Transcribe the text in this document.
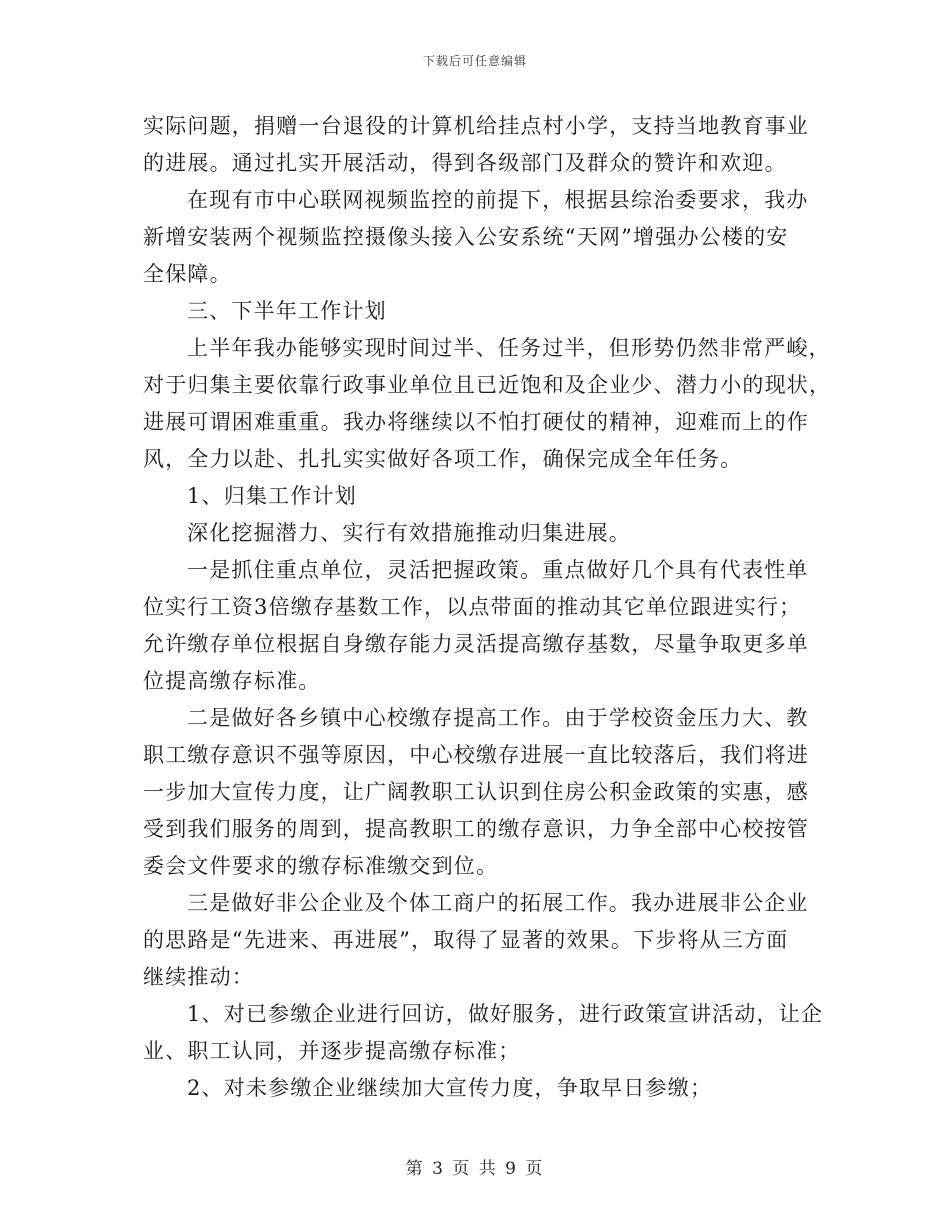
下载后可任意编辑

实际问题，捐赠一台退役的计算机给挂点村小学，支持当地教育事业
的进展。通过扎实开展活动，得到各级部门及群众的赞许和欢迎。

在现有市中心联网视频监控的前提下，根据县综治委要求，我办
新增安装两个视频监控摄像头接入公安系统“天网”增强办公楼的安
全保障。

三、下半年工作计划

上半年我办能够实现时间过半、任务过半，但形势仍然非常严峻，
对于归集主要依靠行政事业单位且已近饱和及企业少、潜力小的现状，
进展可谓困难重重。我办将继续以不怕打硬仗的精神，迎难而上的作
风，全力以赴、扎扎实实做好各项工作，确保完成全年任务。

1、归集工作计划

深化挖掘潜力、实行有效措施推动归集进展。

一是抓住重点单位，灵活把握政策。重点做好几个具有代表性单
位实行工资3倍缴存基数工作，以点带面的推动其它单位跟进实行；
允许缴存单位根据自身缴存能力灵活提高缴存基数，尽量争取更多单
位提高缴存标准。

二是做好各乡镇中心校缴存提高工作。由于学校资金压力大、教
职工缴存意识不强等原因，中心校缴存进展一直比较落后，我们将进
一步加大宣传力度，让广阔教职工认识到住房公积金政策的实惠，感
受到我们服务的周到，提高教职工的缴存意识，力争全部中心校按管
委会文件要求的缴存标准缴交到位。

三是做好非公企业及个体工商户的拓展工作。我办进展非公企业
的思路是“先进来、再进展”，取得了显著的效果。下步将从三方面
继续推动：

1、对已参缴企业进行回访，做好服务，进行政策宣讲活动，让企
业、职工认同，并逐步提高缴存标准；

2、对未参缴企业继续加大宣传力度，争取早日参缴；

第 3 页 共 9 页
